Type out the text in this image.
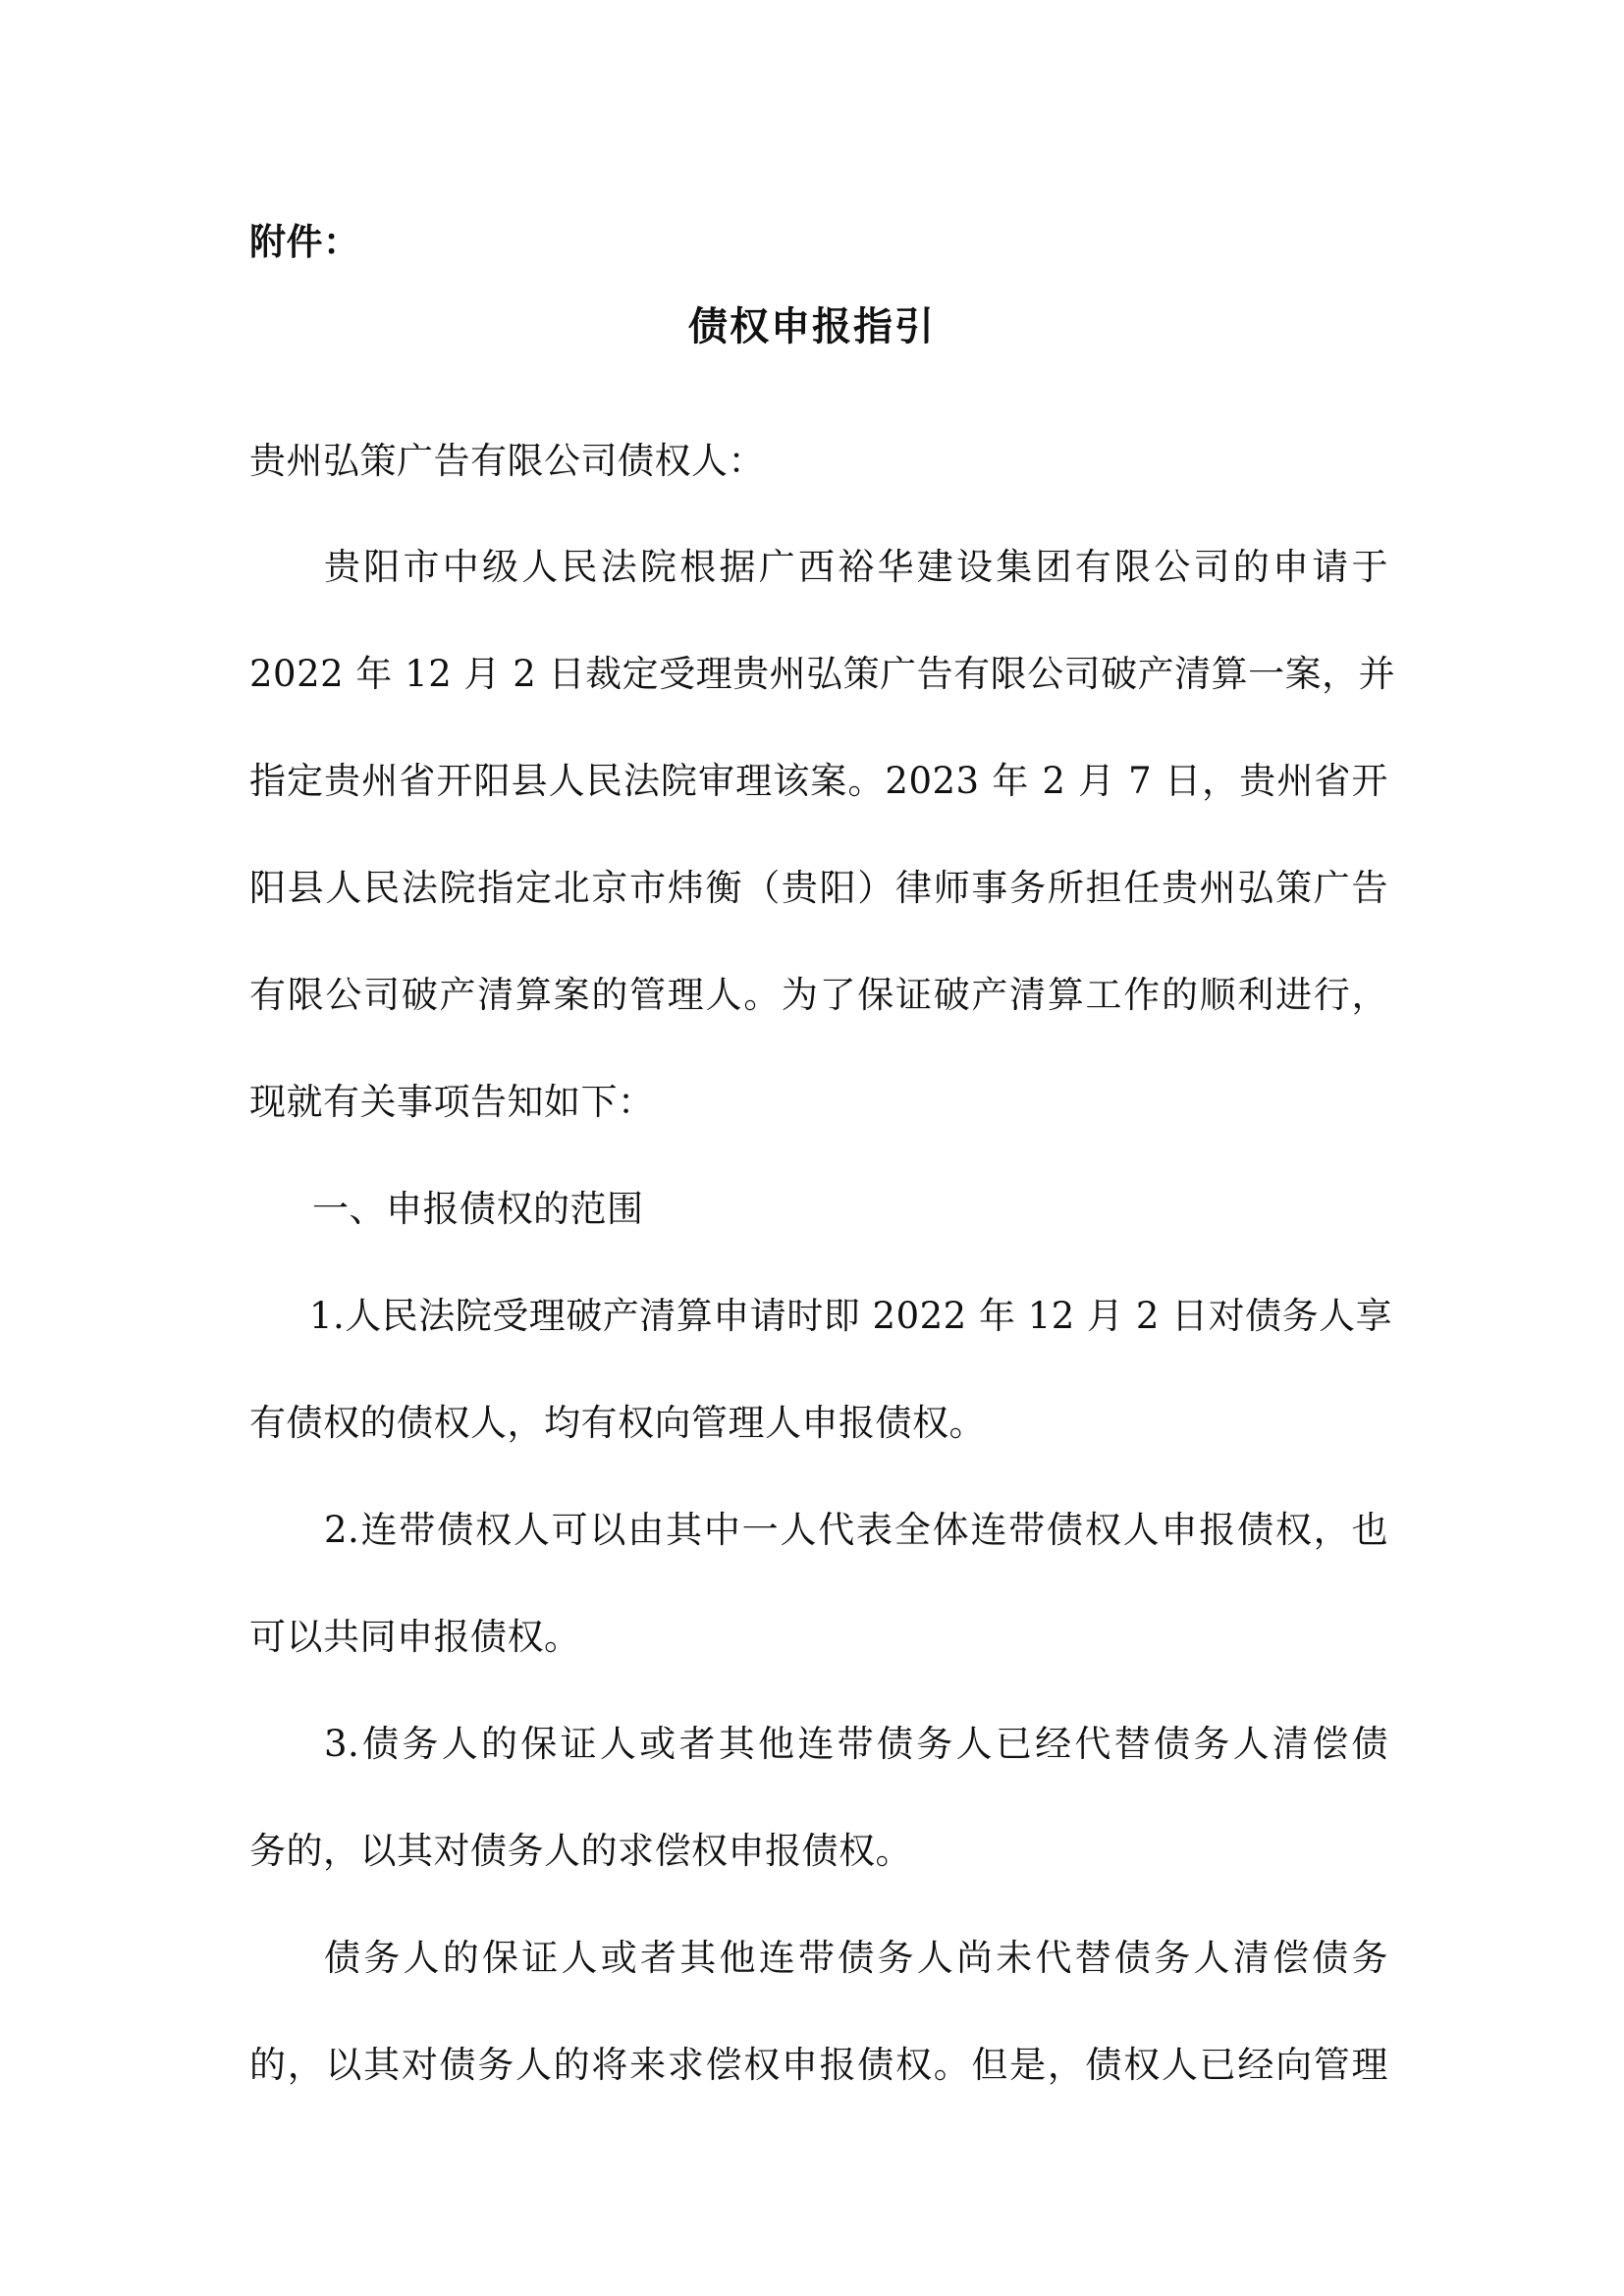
附件：
债权申报指引
贵州弘策广告有限公司债权人：
贵阳市中级人民法院根据广西裕华建设集团有限公司的申请于
2022 年 12 月 2 日裁定受理贵州弘策广告有限公司破产清算一案，并
指定贵州省开阳县人民法院审理该案。2023 年 2 月 7 日，贵州省开
阳县人民法院指定北京市炜衡（贵阳）律师事务所担任贵州弘策广告
有限公司破产清算案的管理人。为了保证破产清算工作的顺利进行，
现就有关事项告知如下：
一、申报债权的范围
1.人民法院受理破产清算申请时即 2022 年 12 月 2 日对债务人享
有债权的债权人，均有权向管理人申报债权。
2.连带债权人可以由其中一人代表全体连带债权人申报债权，也
可以共同申报债权。
3.债务人的保证人或者其他连带债务人已经代替债务人清偿债
务的，以其对债务人的求偿权申报债权。
债务人的保证人或者其他连带债务人尚未代替债务人清偿债务
的，以其对债务人的将来求偿权申报债权。但是，债权人已经向管理
